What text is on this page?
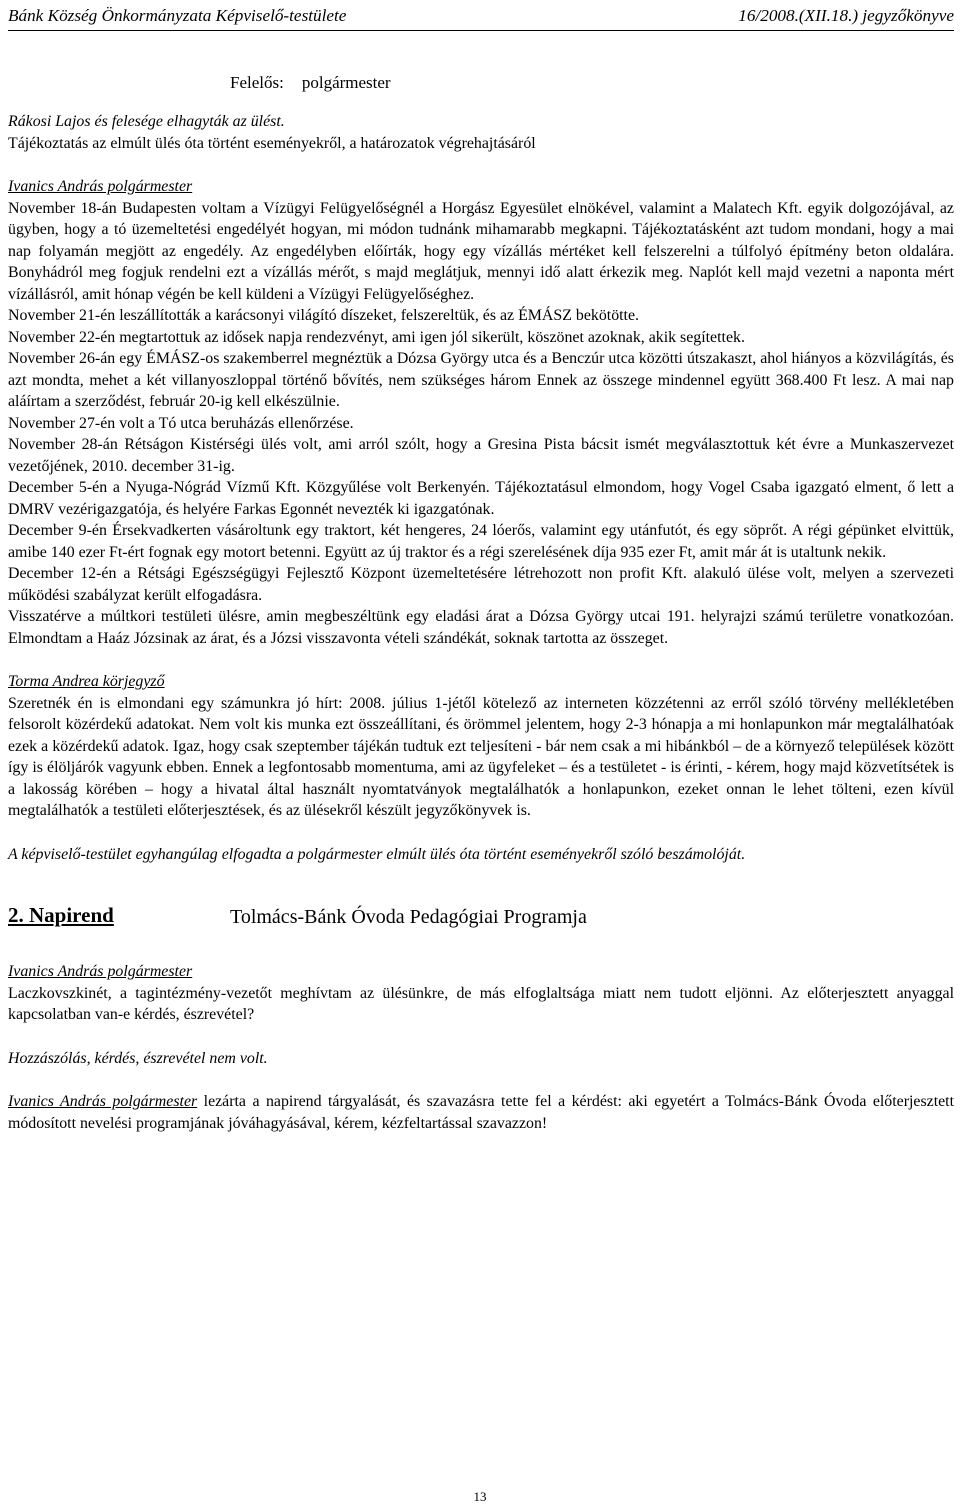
Bánk Község Önkormányzata Képviselő-testülete	16/2008.(XII.18.) jegyzőkönyve
Felelős: polgármester

Rákosi Lajos és felesége elhagyták az ülést.

Tájékoztatás az elmúlt ülés óta történt eseményekről, a határozatok végrehajtásáról

Ivanics András polgármester

November 18-án Budapesten voltam a Vízügyi Felügyelőségnél a Horgász Egyesület elnökével, valamint a Malatech Kft. egyik dolgozójával, az ügyben, hogy a tó üzemeltetési engedélyét hogyan, mi módon tudnánk mihamarabb megkapni. Tájékoztatásként azt tudom mondani, hogy a mai nap folyamán megjött az engedély. Az engedélyben előírták, hogy egy vízállás mértéket kell felszerelni a túlfolyó építmény beton oldalára. Bonyhádról meg fogjuk rendelni ezt a vízállás mérőt, s majd meglátjuk, mennyi idő alatt érkezik meg. Naplót kell majd vezetni a naponta mért vízállásról, amit hónap végén be kell küldeni a Vízügyi Felügyelőséghez.

November 21-én leszállították a karácsonyi világító díszeket, felszereltük, és az ÉMÁSZ bekötötte.

November 22-én megtartottuk az idősek napja rendezvényt, ami igen jól sikerült, köszönet azoknak, akik segítettek.

November 26-án egy ÉMÁSZ-os szakemberrel megnéztük a Dózsa György utca és a Benczúr utca közötti útszakaszt, ahol hiányos a közvilágítás, és azt mondta, mehet a két villanyoszloppal történő bővítés, nem szükséges három Ennek az összege mindennel együtt 368.400 Ft lesz. A mai nap aláírtam a szerződést, február 20-ig kell elkészülnie.

November 27-én volt a Tó utca beruházás ellenőrzése.

November 28-án Rétságon Kistérségi ülés volt, ami arról szólt, hogy a Gresina Pista bácsit ismét megválasztottuk két évre a Munkaszervezet vezetőjének, 2010. december 31-ig.

December 5-én a Nyuga-Nógrád Vízmű Kft. Közgyűlése volt Berkenyén. Tájékoztatásul elmondom, hogy Vogel Csaba igazgató elment, ő lett a DMRV vezérigazgatója, és helyére Farkas Egonnét nevezték ki igazgatónak.

December 9-én Érsekvadkerten vásároltunk egy traktort, két hengeres, 24 lóerős, valamint egy utánfutót, és egy söprőt. A régi gépünket elvittük, amibe 140 ezer Ft-ért fognak egy motort betenni. Együtt az új traktor és a régi szerelésének díja 935 ezer Ft, amit már át is utaltunk nekik.

December 12-én a Rétsági Egészségügyi Fejlesztő Központ üzemeltetésére létrehozott non profit Kft. alakuló ülése volt, melyen a szervezeti működési szabályzat került elfogadásra.

Visszatérve a múltkori testületi ülésre, amin megbeszéltünk egy eladási árat a Dózsa György utcai 191. helyrajzi számú területre vonatkozóan. Elmondtam a Haáz Józsinak az árat, és a Józsi visszavonta vételi szándékát, soknak tartotta az összeget.

Torma Andrea körjegyző

Szeretnék én is elmondani egy számunkra jó hírt: 2008. július 1-jétől kötelező az interneten közzétenni az erről szóló törvény mellékletében felsorolt közérdekű adatokat. Nem volt kis munka ezt összeállítani, és örömmel jelentem, hogy 2-3 hónapja a mi honlapunkon már megtalálhatóak ezek a közérdekű adatok. Igaz, hogy csak szeptember tájékán tudtuk ezt teljesíteni - bár nem csak a mi hibánkból – de a környező települések között így is élöljárók vagyunk ebben. Ennek a legfontosabb momentuma, ami az ügyfeleket – és a testületet - is érinti, - kérem, hogy majd közvetítsétek is a lakosság körében – hogy a hivatal által használt nyomtatványok megtalálhatók a honlapunkon, ezeket onnan le lehet tölteni, ezen kívül megtalálhatók a testületi előterjesztések, és az ülésekről készült jegyzőkönyvek is.

A képviselő-testület egyhangúlag elfogadta a polgármester elmúlt ülés óta történt eseményekről szóló beszámolóját.

2. Napirend	Tolmács-Bánk Óvoda Pedagógiai Programja

Ivanics András polgármester

Laczkovszkinét, a tagintézmény-vezetőt meghívtam az ülésünkre, de más elfoglaltsága miatt nem tudott eljönni. Az előterjesztett anyaggal kapcsolatban van-e kérdés, észrevétel?

Hozzászólás, kérdés, észrevétel nem volt.

Ivanics András polgármester lezárta a napirend tárgyalását, és szavazásra tette fel a kérdést: aki egyetért a Tolmács-Bánk Óvoda előterjesztett módosított nevelési programjának jóváhagyásával, kérem, kézfeltartással szavazzon!

13
